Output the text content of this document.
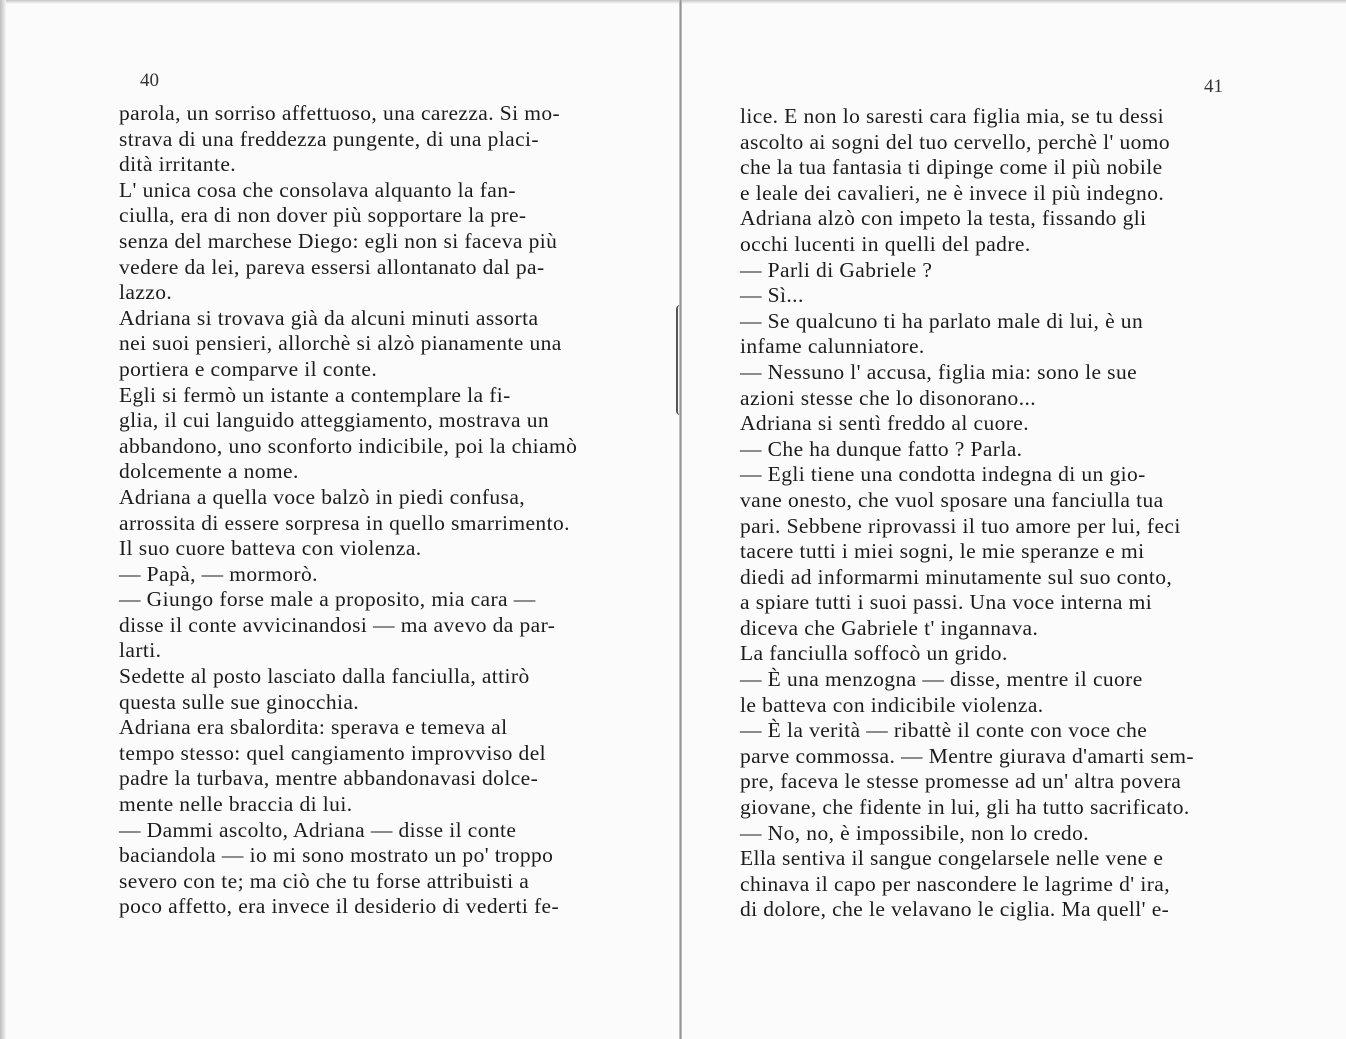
40
parola, un sorriso affettuoso, una carezza. Si mo-
strava di una freddezza pungente, di una placi-
dità irritante.
L' unica cosa che consolava alquanto la fan-
ciulla, era di non dover più sopportare la pre-
senza del marchese Diego: egli non si faceva più
vedere da lei, pareva essersi allontanato dal pa-
lazzo.
Adriana si trovava già da alcuni minuti assorta
nei suoi pensieri, allorchè si alzò pianamente una
portiera e comparve il conte.
Egli si fermò un istante a contemplare la fi-
glia, il cui languido atteggiamento, mostrava un
abbandono, uno sconforto indicibile, poi la chiamò
dolcemente a nome.
Adriana a quella voce balzò in piedi confusa,
arrossita di essere sorpresa in quello smarrimento.
Il suo cuore batteva con violenza.
— Papà, — mormorò.
— Giungo forse male a proposito, mia cara —
disse il conte avvicinandosi — ma avevo da par-
larti.
Sedette al posto lasciato dalla fanciulla, attirò
questa sulle sue ginocchia.
Adriana era sbalordita: sperava e temeva al
tempo stesso: quel cangiamento improvviso del
padre la turbava, mentre abbandonavasi dolce-
mente nelle braccia di lui.
— Dammi ascolto, Adriana — disse il conte
baciandola — io mi sono mostrato un po' troppo
severo con te; ma ciò che tu forse attribuisti a
poco affetto, era invece il desiderio di vederti fe-
41
lice. E non lo saresti cara figlia mia, se tu dessi
ascolto ai sogni del tuo cervello, perchè l' uomo
che la tua fantasia ti dipinge come il più nobile
e leale dei cavalieri, ne è invece il più indegno.
Adriana alzò con impeto la testa, fissando gli
occhi lucenti in quelli del padre.
— Parli di Gabriele ?
— Sì...
— Se qualcuno ti ha parlato male di lui, è un
infame calunniatore.
— Nessuno l' accusa, figlia mia: sono le sue
azioni stesse che lo disonorano...
Adriana si sentì freddo al cuore.
— Che ha dunque fatto ? Parla.
— Egli tiene una condotta indegna di un gio-
vane onesto, che vuol sposare una fanciulla tua
pari. Sebbene riprovassi il tuo amore per lui, feci
tacere tutti i miei sogni, le mie speranze e mi
diedi ad informarmi minutamente sul suo conto,
a spiare tutti i suoi passi. Una voce interna mi
diceva che Gabriele t' ingannava.
La fanciulla soffocò un grido.
— È una menzogna — disse, mentre il cuore
le batteva con indicibile violenza.
— È la verità — ribattè il conte con voce che
parve commossa. — Mentre giurava d'amarti sem-
pre, faceva le stesse promesse ad un' altra povera
giovane, che fidente in lui, gli ha tutto sacrificato.
— No, no, è impossibile, non lo credo.
Ella sentiva il sangue congelarsele nelle vene e
chinava il capo per nascondere le lagrime d' ira,
di dolore, che le velavano le ciglia. Ma quell' e-
